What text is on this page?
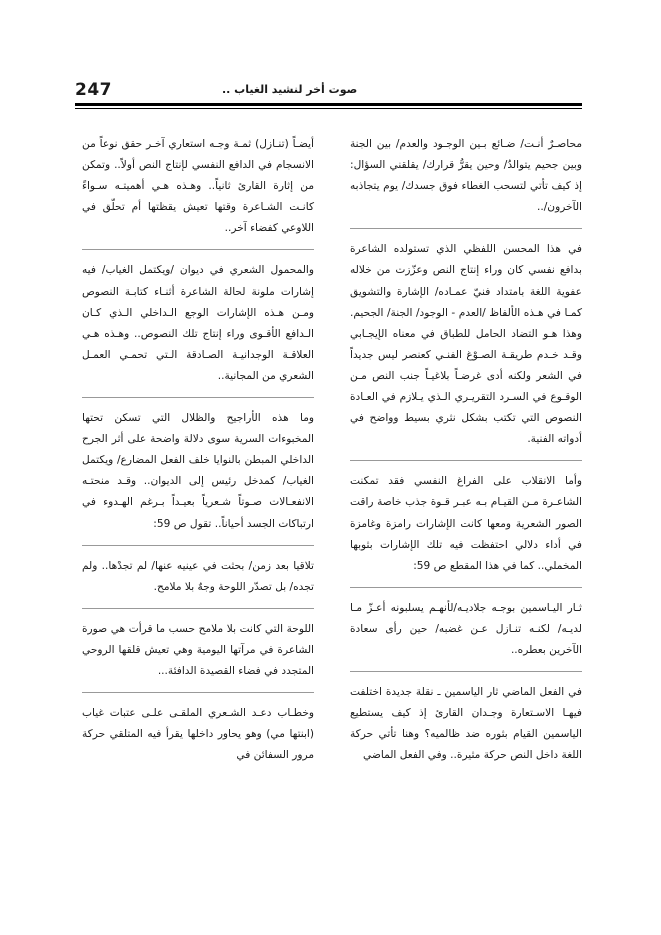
247	صوت أخر لنشيد الغياب ..

محاصـرٌ أنـت/ ضـائع بـين الوجـود والعدم/ بين الجنة وبين جحيم يتوالدُ/ وحين يقرُّ قرارك/ يقلقني السؤال: إذ كيف تأتي لتسحب الغطاء فوق جسدك/ يوم يتجاذبه الآخرون/..

في هذا المحسن اللفظي الذي تستولده الشاعرة بدافع نفسي كان وراء إنتاج النص وعزّزت من خلاله عفوية اللغة بامتداد فنيّ عمـاده/ الإشارة والتشويق كمـا في هـذه الألفاظ /العدم - الوجود/ الجنة/ الجحيم. وهذا هـو التضاد الحامل للطباق في معناه الإيجـابي وقـد خـدم طريقـة الصـوْغ الفنـي كعنصر ليس جديداً في الشعر ولكنه أدى غرضـاً بلاغيـاً جنب النص مـن الوقـوع في السـرد التقريـري الـذي يـلازم في العـادة النصوص التي تكتب بشكل نثري بسيط وواضح في أدواته الفنية.

وأما الانقلاب على الفراغ النفسي فقد تمكنت الشاعـرة مـن القيـام بـه عبـر قـوة جذب خاصة راقت الصور الشعرية ومعها كانت الإشارات رامزة وغامزة في أداء دلالي احتفظت فيه تلك الإشارات بثوبها المخملي.. كما في هذا المقطع ص 59:

ثـار اليـاسمين بوجـه جلاديـه/لأنهـم يسلبونه أعـزّ مـا لديـه/ لكنـه تنـازل عـن غضبه/ حين رأى سعادة الآخرين بعطره..

في الفعل الماضي ثار الياسمين ـ نقلة جديدة اختلفت فيهـا الاسـتعارة وجـدان القارئ إذ كيف يستطيع الياسمين القيام بثوره ضد ظالميه؟ وهنا تأتي حركة اللغة داخل النص حركة مثيرة.. وفي الفعل الماضي

أيضـاً (تنـازل) ثمـة وجـه استعاري آخـر حقق نوعاً من الانسجام في الدافع النفسي لإنتاج النص أولاً.. وتمكن من إثارة القارئ ثانياً.. وهـذه هـي أهميتـه سـواءً كانـت الشـاعرة وقتها تعيش يقظتها أم تحلّق في اللاوعي كفضاء آخر..

والمحمول الشعري في ديوان /ويكتمل الغياب/ فيه إشارات ملونة لحالة الشاعرة أثنـاء كتابـة النصوص ومـن هـذه الإشارات الوجع الـداخلي الـذي كـان الـدافع الأقـوى وراء إنتاج تلك النصوص.. وهـذه هـي العلاقـة الوجدانيـة الصـادقة الـتي تحمـي العمـل الشعري من المجانية..

وما هذه الأراجيح والظلال التي تسكن تحتها المخبوءات السرية سوى دلالة واضحة على أثر الجرح الداخلي المبطن بالنوايا خلف الفعل المضارع/ ويكتمل الغياب/ كمدخل رئيس إلى الديوان.. وقـد منحتـه الانفعـالات صـوتاً شـعرياً بعيـداً بـرغم الهـدوء في ارتباكات الجسد أحياناً.. تقول ص 59:

تلاقيا بعد زمن/ بحثت في عينيه عنها/ لم تجدْها.. ولم تجده/ بل تصدّر اللوحة وجهٌ بلا ملامح.

اللوحة التي كانت بلا ملامح حسب ما قرأت هي صورة الشاعرة في مرآتها اليومية وهي تعيش قلقها الروحي المتجدد في فضاء القصيدة الدافئة...

وخطـاب دعـد الشـعري الملقـى علـى عتبات غياب (ابنتها مي) وهو يحاور داخلها يقرأ فيه المتلقي حركة مرور السفائن في
